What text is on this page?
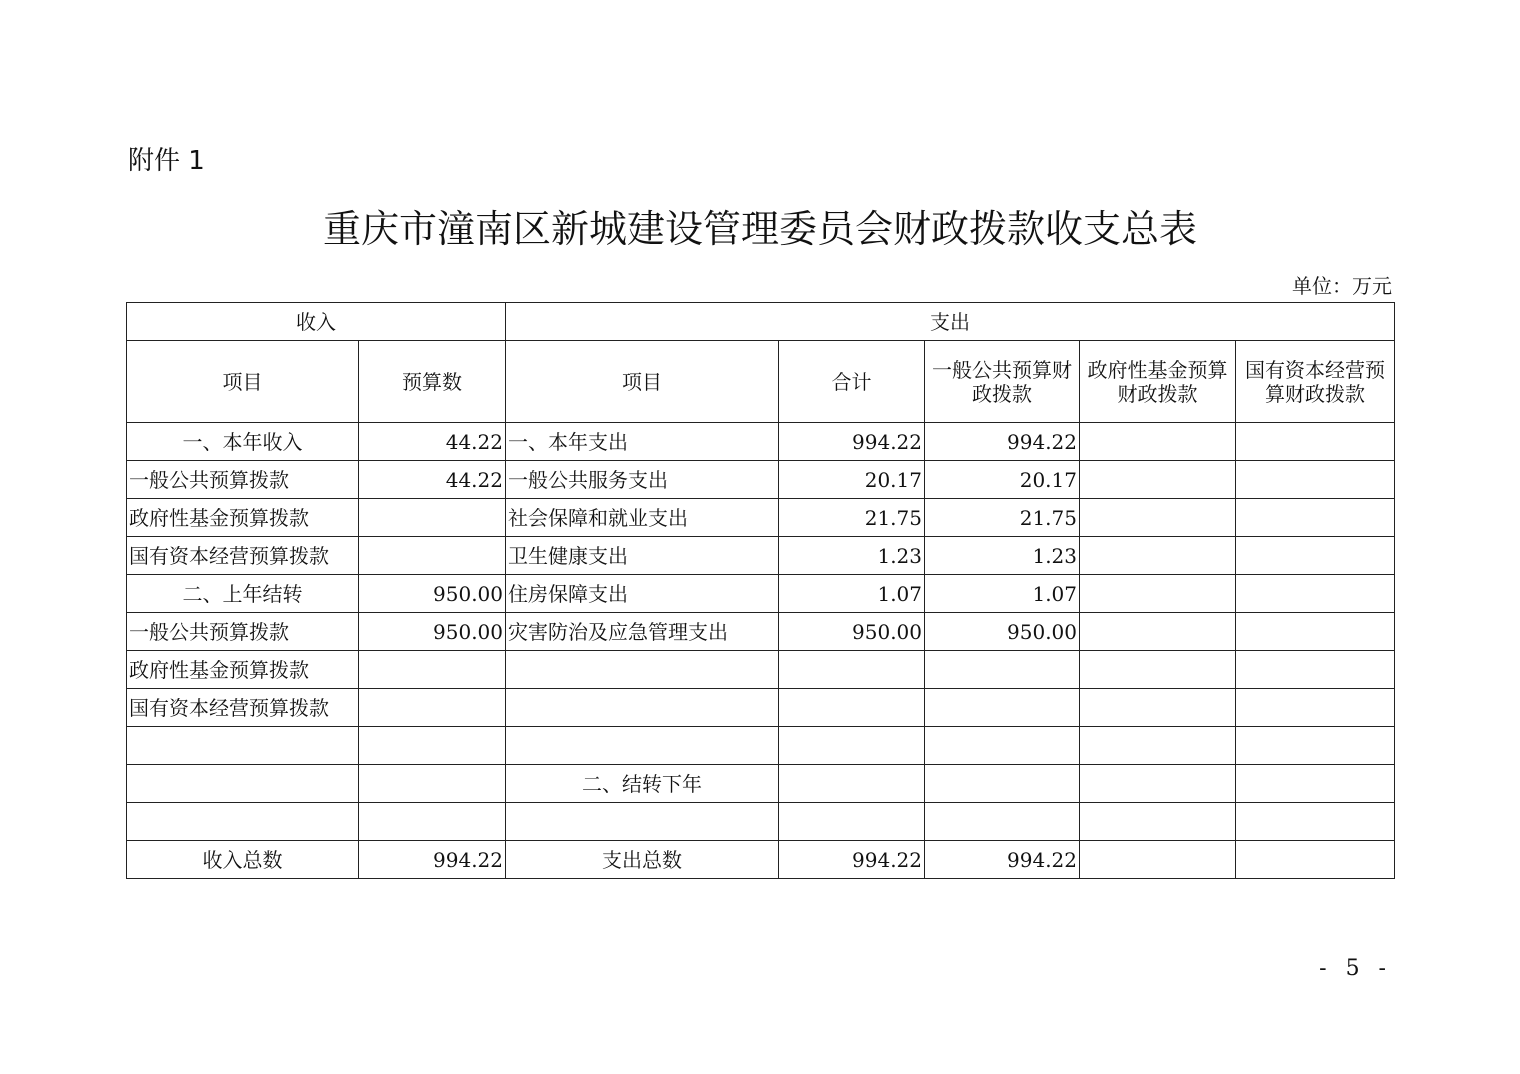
附件 1
重庆市潼南区新城建设管理委员会财政拨款收支总表
单位：万元
收入		支出				
项目	预算数	项目	合计	一般公共预算财政拨款	政府性基金预算财政拨款	国有资本经营预算财政拨款
一、本年收入	44.22	一、本年支出	994.22	994.22		
一般公共预算拨款	44.22	一般公共服务支出	20.17	20.17		
政府性基金预算拨款		社会保障和就业支出	21.75	21.75		
国有资本经营预算拨款		卫生健康支出	1.23	1.23		
二、上年结转	950.00	住房保障支出	1.07	1.07		
一般公共预算拨款	950.00	灾害防治及应急管理支出	950.00	950.00		
政府性基金预算拨款						
国有资本经营预算拨款						

		二、结转下年				

收入总数	994.22	支出总数	994.22	994.22		
- 5 -
